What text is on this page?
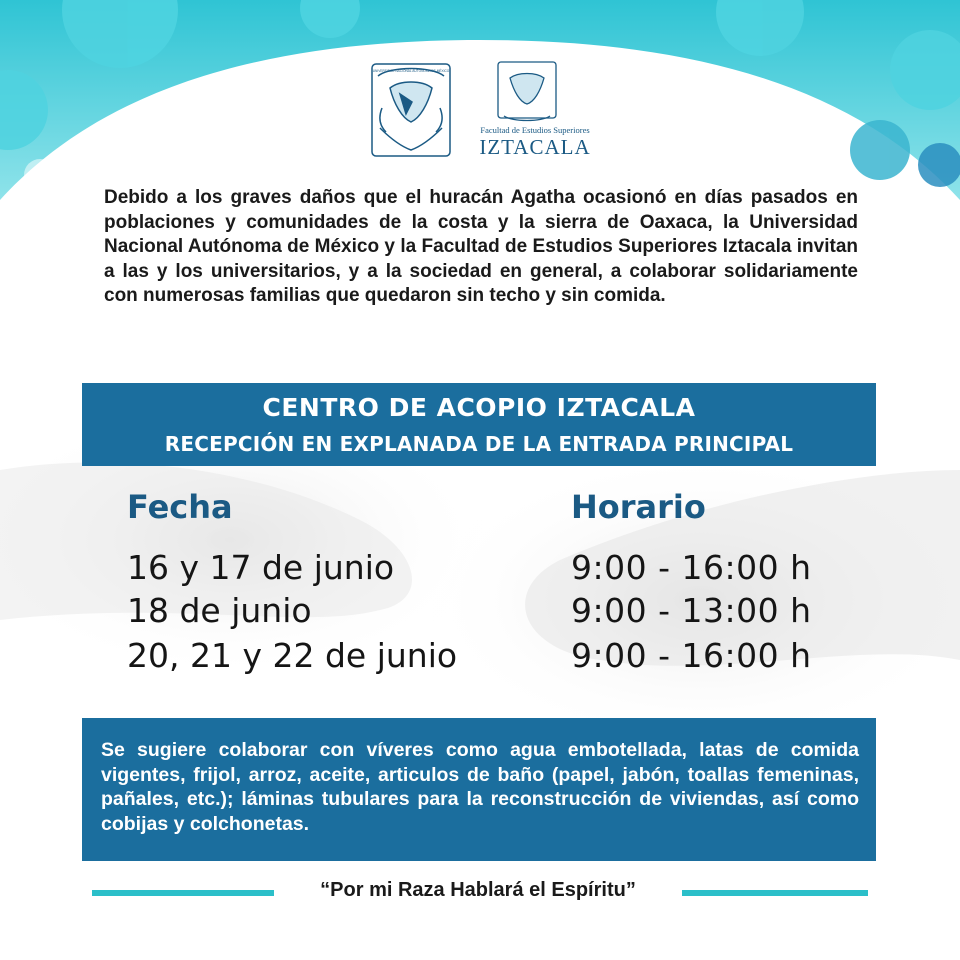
Facultad de Estudios Superiores
IZTACALA
UNIVERSIDAD NACIONAL AUTÓNOMA DE MÉXICO

Debido a los graves daños que el huracán Agatha ocasionó en días pasados en poblaciones y comunidades de la costa y la sierra de Oaxaca, la Universidad Nacional Autónoma de México y la Facultad de Estudios Superiores Iztacala invitan a las y los universitarios, y a la sociedad en general, a colaborar solidariamente con numerosas familias que quedaron sin techo y sin comida.

CENTRO DE ACOPIO IZTACALA
RECEPCIÓN EN EXPLANADA DE LA ENTRADA PRINCIPAL
Fecha	Horario
16 y 17 de junio	9:00 - 16:00 h
18 de junio	9:00 - 13:00 h
20, 21 y 22 de junio	9:00 - 16:00 h

Se sugiere colaborar con víveres como agua embotellada, latas de comida vigentes, frijol, arroz, aceite, articulos de baño (papel, jabón, toallas femeninas, pañales, etc.); láminas tubulares para la reconstrucción de viviendas, así como cobijas y colchonetas.

“Por mi Raza Hablará el Espíritu”
